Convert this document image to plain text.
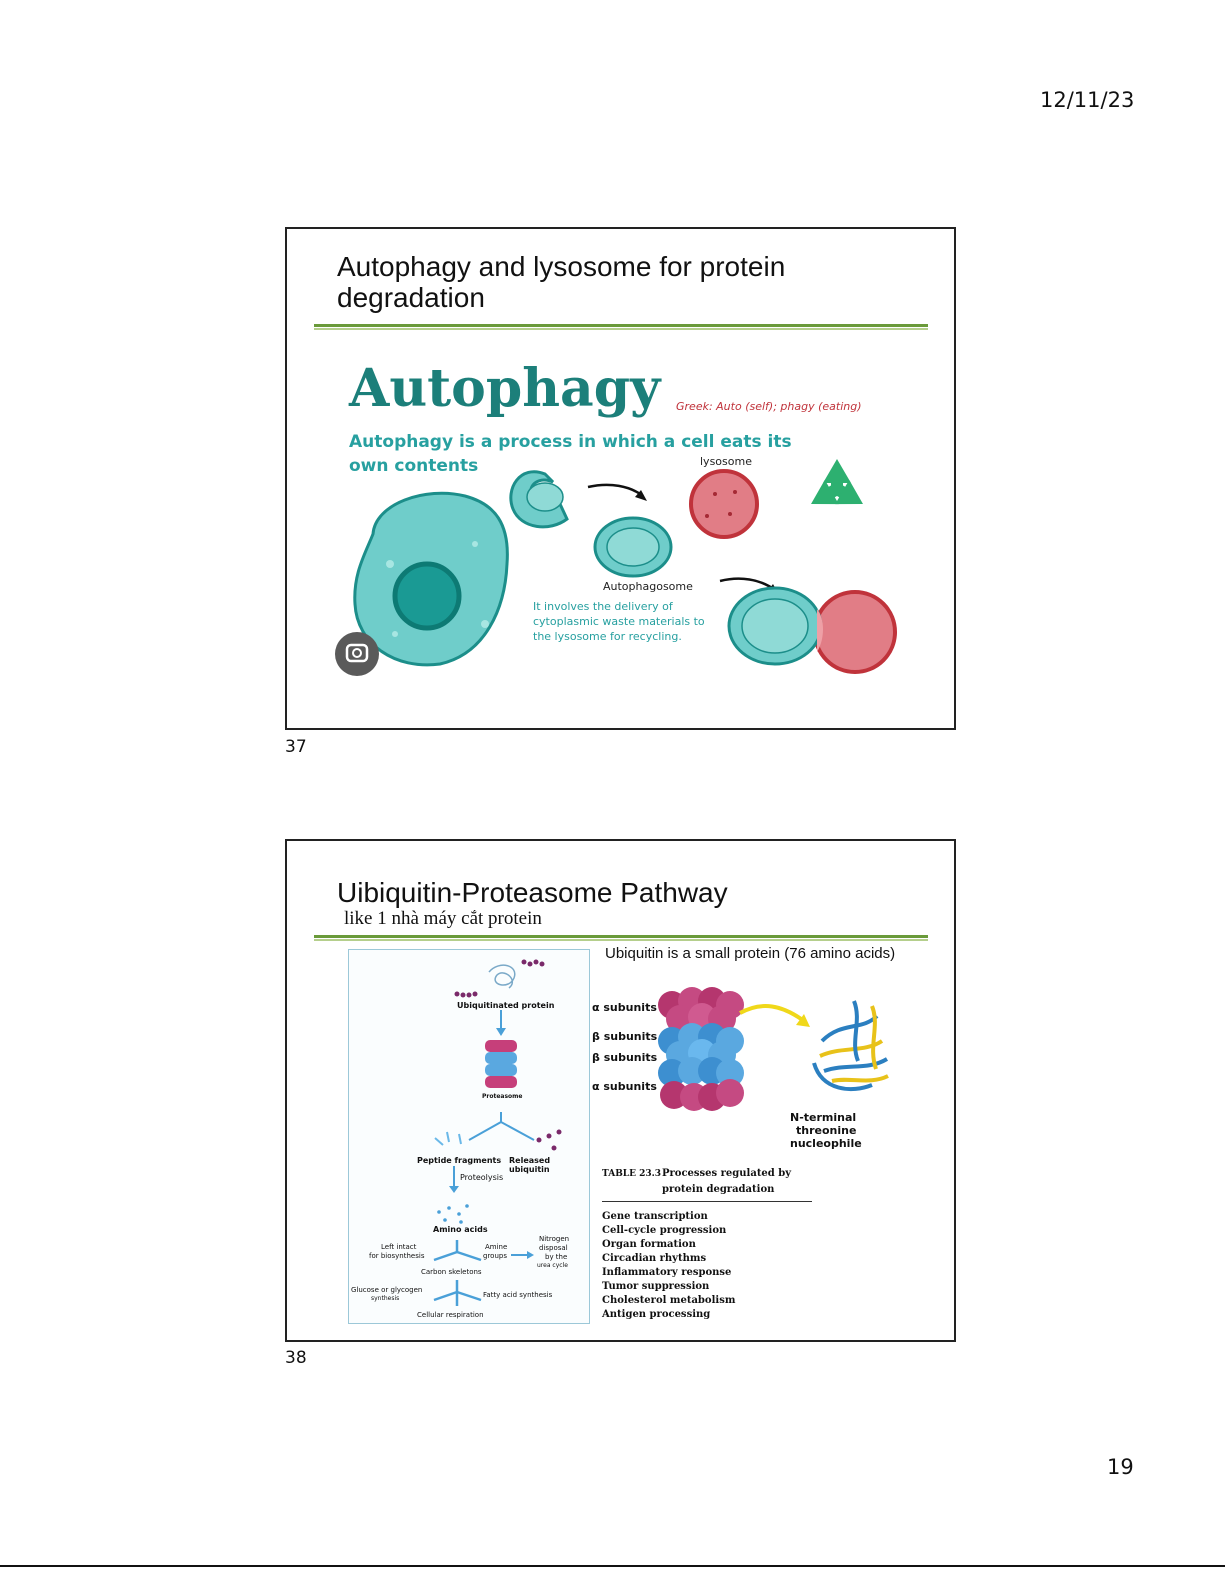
12/11/23
19
Autophagy and lysosome for protein
degradation
Autophagy Greek: Auto (self); phagy (eating)
Autophagy is a process in which a cell eats its
own contents	lysosome
Autophagosome
It involves the delivery of
cytoplasmic waste materials to
the lysosome for recycling.
37
Uibiquitin-Proteasome Pathway
like 1 nhà máy cắt protein
Ubiquitin is a small protein (76 amino acids)
Ubiquitinated protein
Proteasome
Peptide fragments Released ubiquitin
Proteolysis
Amino acids
Left intact
for biosynthesis
Amine
groups
Nitrogen
disposal
by the
urea cycle
Carbon skeletons
Glucose or glycogen
synthesis	Fatty acid synthesis
Cellular respiration
α subunits
β subunits
β subunits
α subunits
N-terminal
threonine
nucleophile
TABLE 23.3 Processes regulated by
protein degradation
Gene transcription
Cell-cycle progression
Organ formation
Circadian rhythms
Inflammatory response
Tumor suppression
Cholesterol metabolism
Antigen processing
38
